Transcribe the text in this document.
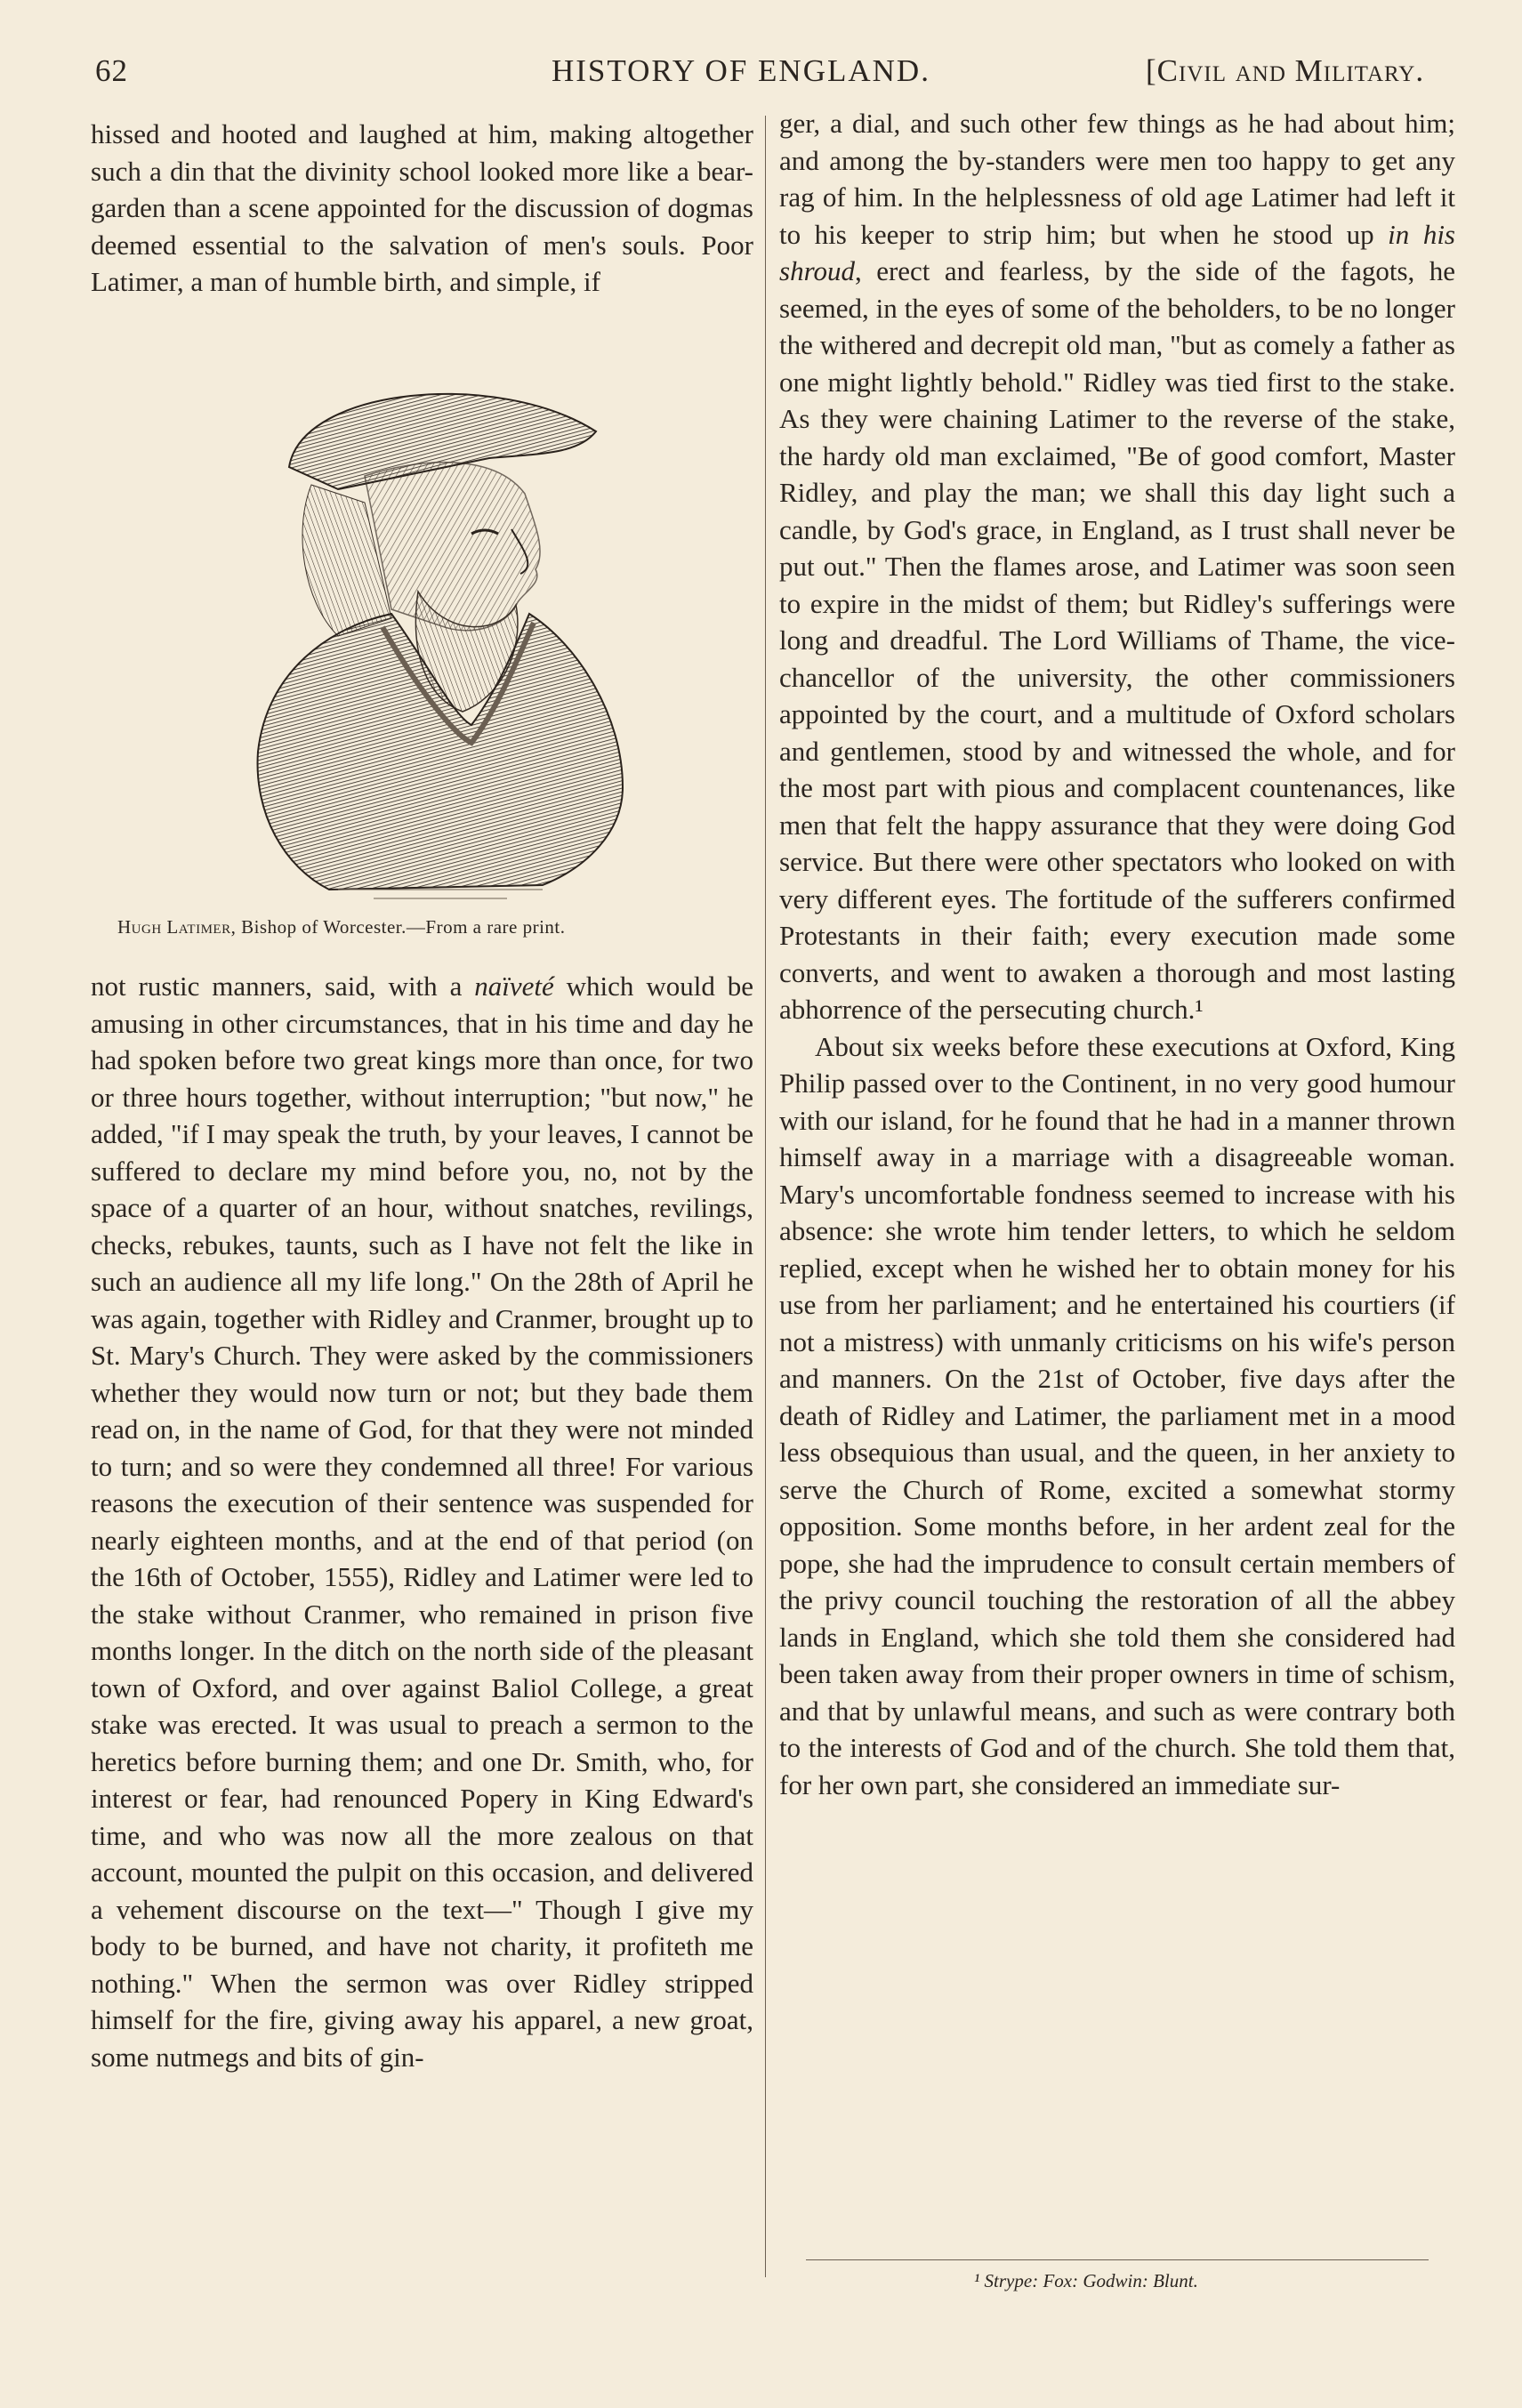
62	HISTORY OF ENGLAND.	[Civil and Military.

hissed and hooted and laughed at him, making altogether such a din that the divinity school looked more like a bear-garden than a scene appointed for the discussion of dogmas deemed essential to the salvation of men's souls. Poor Latimer, a man of humble birth, and simple, if

Hugh Latimer, Bishop of Worcester.—From a rare print.

not rustic manners, said, with a naïveté which would be amusing in other circumstances, that in his time and day he had spoken before two great kings more than once, for two or three hours together, without interruption; "but now," he added, "if I may speak the truth, by your leaves, I cannot be suffered to declare my mind before you, no, not by the space of a quarter of an hour, without snatches, revilings, checks, rebukes, taunts, such as I have not felt the like in such an audience all my life long." On the 28th of April he was again, together with Ridley and Cranmer, brought up to St. Mary's Church. They were asked by the commissioners whether they would now turn or not; but they bade them read on, in the name of God, for that they were not minded to turn; and so were they condemned all three! For various reasons the execution of their sentence was suspended for nearly eighteen months, and at the end of that period (on the 16th of October, 1555), Ridley and Latimer were led to the stake without Cranmer, who remained in prison five months longer. In the ditch on the north side of the pleasant town of Oxford, and over against Baliol College, a great stake was erected. It was usual to preach a sermon to the heretics before burning them; and one Dr. Smith, who, for interest or fear, had renounced Popery in King Edward's time, and who was now all the more zealous on that account, mounted the pulpit on this occasion, and delivered a vehement discourse on the text—" Though I give my body to be burned, and have not charity, it profiteth me nothing." When the sermon was over Ridley stripped himself for the fire, giving away his apparel, a new groat, some nutmegs and bits of gin-

ger, a dial, and such other few things as he had about him; and among the by-standers were men too happy to get any rag of him. In the helplessness of old age Latimer had left it to his keeper to strip him; but when he stood up in his shroud, erect and fearless, by the side of the fagots, he seemed, in the eyes of some of the beholders, to be no longer the withered and decrepit old man, "but as comely a father as one might lightly behold." Ridley was tied first to the stake. As they were chaining Latimer to the reverse of the stake, the hardy old man exclaimed, "Be of good comfort, Master Ridley, and play the man; we shall this day light such a candle, by God's grace, in England, as I trust shall never be put out." Then the flames arose, and Latimer was soon seen to expire in the midst of them; but Ridley's sufferings were long and dreadful. The Lord Williams of Thame, the vice-chancellor of the university, the other commissioners appointed by the court, and a multitude of Oxford scholars and gentlemen, stood by and witnessed the whole, and for the most part with pious and complacent countenances, like men that felt the happy assurance that they were doing God service. But there were other spectators who looked on with very different eyes. The fortitude of the sufferers confirmed Protestants in their faith; every execution made some converts, and went to awaken a thorough and most lasting abhorrence of the persecuting church.¹

About six weeks before these executions at Oxford, King Philip passed over to the Continent, in no very good humour with our island, for he found that he had in a manner thrown himself away in a marriage with a disagreeable woman. Mary's uncomfortable fondness seemed to increase with his absence: she wrote him tender letters, to which he seldom replied, except when he wished her to obtain money for his use from her parliament; and he entertained his courtiers (if not a mistress) with unmanly criticisms on his wife's person and manners. On the 21st of October, five days after the death of Ridley and Latimer, the parliament met in a mood less obsequious than usual, and the queen, in her anxiety to serve the Church of Rome, excited a somewhat stormy opposition. Some months before, in her ardent zeal for the pope, she had the imprudence to consult certain members of the privy council touching the restoration of all the abbey lands in England, which she told them she considered had been taken away from their proper owners in time of schism, and that by unlawful means, and such as were contrary both to the interests of God and of the church. She told them that, for her own part, she considered an immediate sur-

¹ Strype: Fox: Godwin: Blunt.
